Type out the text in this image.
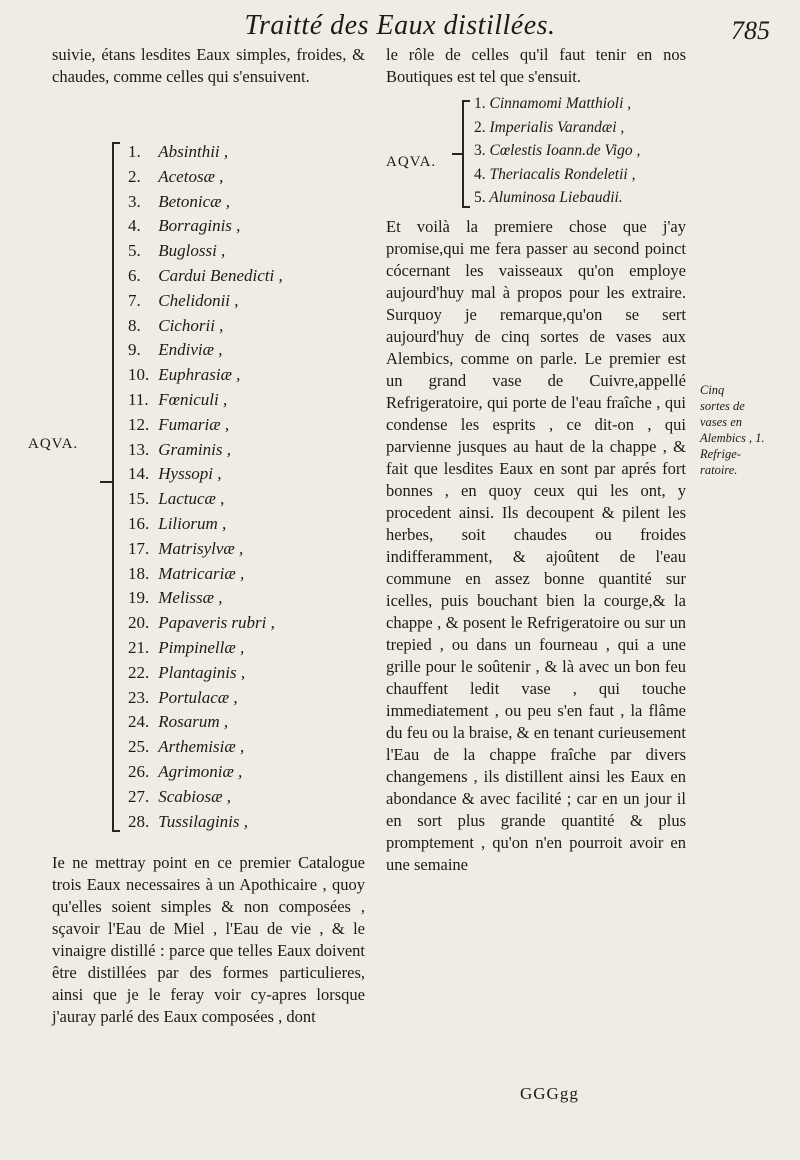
Traitté des Eaux distillées.	785

suivie, étans lesdites Eaux simples, froides, & chaudes, comme celles qui s'ensuivent.

le rôle de celles qu'il faut tenir en nos Boutiques est tel que s'ensuit.

AQVA.
1. Absinthii ,
2. Acetosæ ,
3. Betonicæ ,
4. Borraginis ,
5. Buglossi ,
6. Cardui Benedicti ,
7. Chelidonii ,
8. Cichorii ,
9. Endiviæ ,
10. Euphrasiæ ,
11. Fœniculi ,
12. Fumariæ ,
13. Graminis ,
14. Hyssopi ,
15. Lactucæ ,
16. Liliorum ,
17. Matrisylvæ ,
18. Matricariæ ,
19. Melissæ ,
20. Papaveris rubri ,
21. Pimpinellæ ,
22. Plantaginis ,
23. Portulacæ ,
24. Rosarum ,
25. Arthemisiæ ,
26. Agrimoniæ ,
27. Scabiosæ ,
28. Tussilaginis ,
AQVA.
1. Cinnamomi Matthioli ,
2. Imperialis Varandæi ,
3. Cœlestis Ioann.de Vigo ,
4. Theriacalis Rondeletii ,
5. Aluminosa Liebaudii.

Et voilà la premiere chose que j'ay promise,qui me fera passer au second poinct cócernant les vaisseaux qu'on employe aujourd'huy mal à propos pour les extraire. Surquoy je remarque,qu'on se sert aujourd'huy de cinq sortes de vases aux Alembics, comme on parle. Le premier est un grand vase de Cuivre,appellé Refrigeratoire, qui porte de l'eau fraîche , qui condense les esprits , ce dit-on , qui parvienne jusques au haut de la chappe , & fait que lesdites Eaux en sont par aprés fort bonnes , en quoy ceux qui les ont, y procedent ainsi. Ils decoupent & pilent les herbes, soit chaudes ou froides indifferamment, & ajoûtent de l'eau commune en assez bonne quantité sur icelles, puis bouchant bien la courge,& la chappe , & posent le Refrigeratoire ou sur un trepied , ou dans un fourneau , qui a une grille pour le soûtenir , & là avec un bon feu chauffent ledit vase , qui touche immediatement , ou peu s'en faut , la flâme du feu ou la braise, & en tenant curieusement l'Eau de la chappe fraîche par divers changemens , ils distillent ainsi les Eaux en abondance & avec facilité ; car en un jour il en sort plus grande quantité & plus promptement , qu'on n'en pourroit avoir en une semaine

Ie ne mettray point en ce premier Catalogue trois Eaux necessaires à un Apothicaire , quoy qu'elles soient simples & non composées , sçavoir l'Eau de Miel , l'Eau de vie , & le vinaigre distillé : parce que telles Eaux doivent être distillées par des formes particulieres, ainsi que je le feray voir cy-apres lorsque j'auray parlé des Eaux composées , dont

Cinq
sortes de
vases en
Alembics , 1.
Refrige-
ratoire.
GGGgg
